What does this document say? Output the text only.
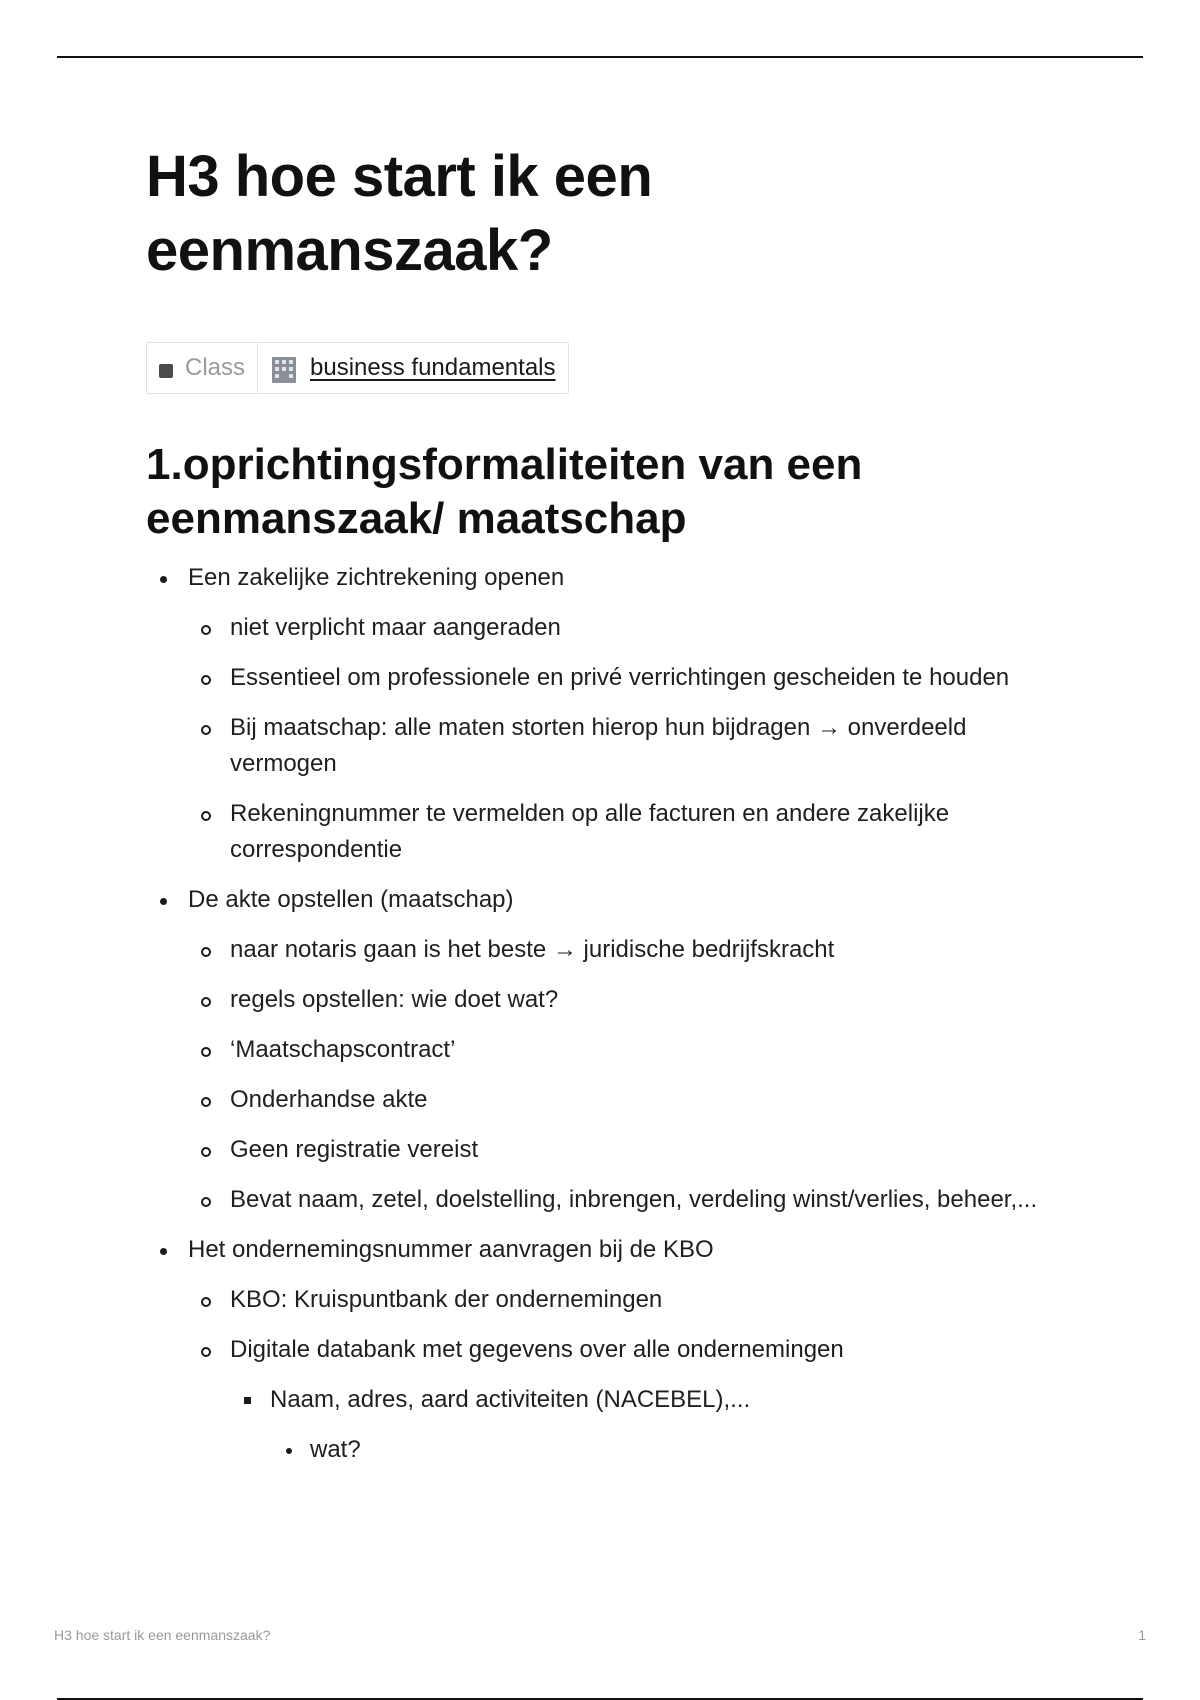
H3 hoe start ik een eenmanszaak?
Class	business fundamentals
1.oprichtingsformaliteiten van een eenmanszaak/ maatschap
Een zakelijke zichtrekening openen
niet verplicht maar aangeraden
Essentieel om professionele en privé verrichtingen gescheiden te houden
Bij maatschap: alle maten storten hierop hun bijdragen → onverdeeld vermogen
Rekeningnummer te vermelden op alle facturen en andere zakelijke correspondentie
De akte opstellen (maatschap)
naar notaris gaan is het beste → juridische bedrijfskracht
regels opstellen: wie doet wat?
‘Maatschapscontract’
Onderhandse akte
Geen registratie vereist
Bevat naam, zetel, doelstelling, inbrengen, verdeling winst/verlies, beheer,...
Het ondernemingsnummer aanvragen bij de KBO
KBO: Kruispuntbank der ondernemingen
Digitale databank met gegevens over alle ondernemingen
Naam, adres, aard activiteiten (NACEBEL),...
wat?
H3 hoe start ik een eenmanszaak?	1
